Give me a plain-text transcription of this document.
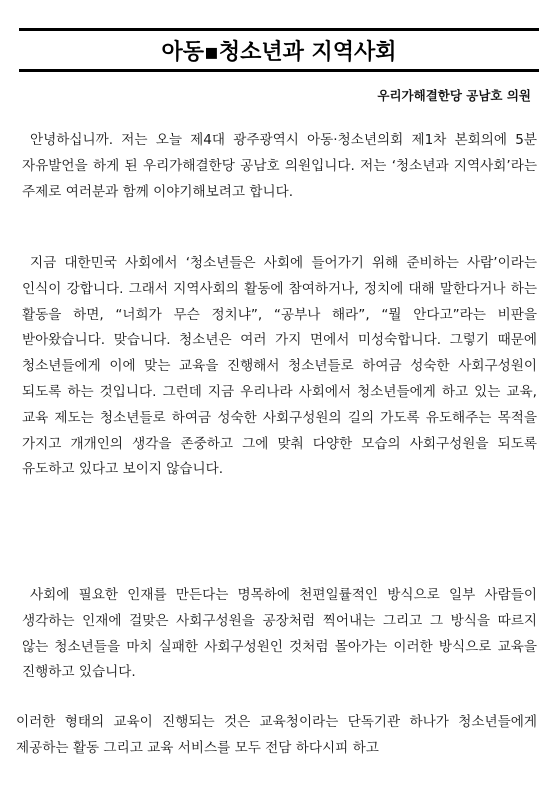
아동▪청소년과 지역사회
우리가해결한당 공남호 의원
안녕하십니까. 저는 오늘 제4대 광주광역시 아동·청소년의회 제1차 본회의에 5분 자유발언을 하게 된 우리가해결한당 공남호 의원입니다. 저는 ‘청소년과 지역사회’라는 주제로 여러분과 함께 이야기해보려고 합니다.
지금 대한민국 사회에서 ‘청소년들은 사회에 들어가기 위해 준비하는 사람’이라는 인식이 강합니다. 그래서 지역사회의 활동에 참여하거나, 정치에 대해 말한다거나 하는 활동을 하면, “너희가 무슨 정치냐”, “공부나 해라”, “뭘 안다고”라는 비판을 받아왔습니다. 맞습니다. 청소년은 여러 가지 면에서 미성숙합니다. 그렇기 때문에 청소년들에게 이에 맞는 교육을 진행해서 청소년들로 하여금 성숙한 사회구성원이 되도록 하는 것입니다. 그런데 지금 우리나라 사회에서 청소년들에게 하고 있는 교육, 교육 제도는 청소년들로 하여금 성숙한 사회구성원의 길의 가도록 유도해주는 목적을 가지고 개개인의 생각을 존중하고 그에 맞춰 다양한 모습의 사회구성원을 되도록 유도하고 있다고 보이지 않습니다.
사회에 필요한 인재를 만든다는 명목하에 천편일률적인 방식으로 일부 사람들이 생각하는 인재에 걸맞은 사회구성원을 공장처럼 찍어내는 그리고 그 방식을 따르지 않는 청소년들을 마치 실패한 사회구성원인 것처럼 몰아가는 이러한 방식으로 교육을 진행하고 있습니다.
이러한 형태의 교육이 진행되는 것은 교육청이라는 단독기관 하나가 청소년들에게 제공하는 활동 그리고 교육 서비스를 모두 전담 하다시피 하고
